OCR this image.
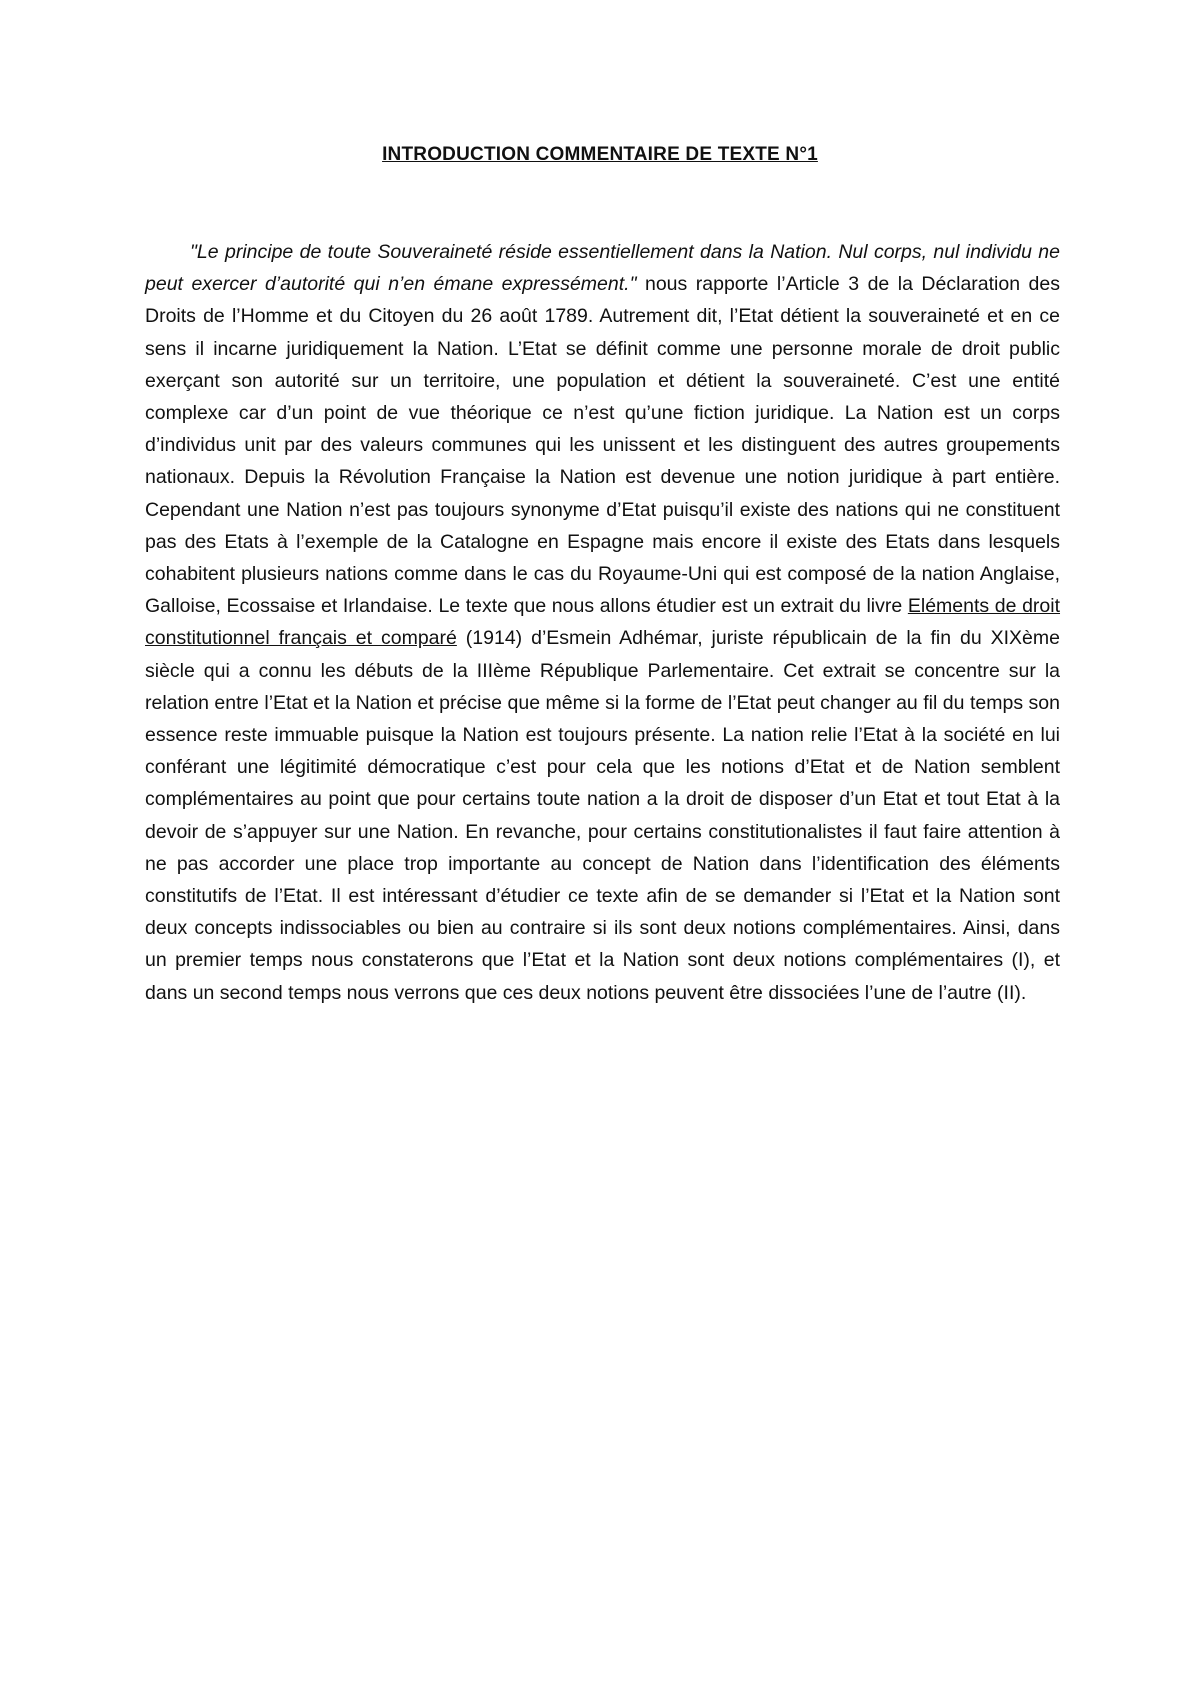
INTRODUCTION COMMENTAIRE DE TEXTE N°1

"Le principe de toute Souveraineté réside essentiellement dans la Nation. Nul corps, nul individu ne peut exercer d’autorité qui n’en émane expressément." nous rapporte l’Article 3 de la Déclaration des Droits de l’Homme et du Citoyen du 26 août 1789. Autrement dit, l’Etat détient la souveraineté et en ce sens il incarne juridiquement la Nation. L’Etat se définit comme une personne morale de droit public exerçant son autorité sur un territoire, une population et détient la souveraineté. C’est une entité complexe car d’un point de vue théorique ce n’est qu’une fiction juridique. La Nation est un corps d’individus unit par des valeurs communes qui les unissent et les distinguent des autres groupements nationaux. Depuis la Révolution Française la Nation est devenue une notion juridique à part entière. Cependant une Nation n’est pas toujours synonyme d’Etat puisqu’il existe des nations qui ne constituent pas des Etats à l’exemple de la Catalogne en Espagne mais encore il existe des Etats dans lesquels cohabitent plusieurs nations comme dans le cas du Royaume-Uni qui est composé de la nation Anglaise, Galloise, Ecossaise et Irlandaise. Le texte que nous allons étudier est un extrait du livre Eléments de droit constitutionnel français et comparé (1914) d’Esmein Adhémar, juriste républicain de la fin du XIXème siècle qui a connu les débuts de la IIIème République Parlementaire. Cet extrait se concentre sur la relation entre l’Etat et la Nation et précise que même si la forme de l’Etat peut changer au fil du temps son essence reste immuable puisque la Nation est toujours présente. La nation relie l’Etat à la société en lui conférant une légitimité démocratique c’est pour cela que les notions d’Etat et de Nation semblent complémentaires au point que pour certains toute nation a la droit de disposer d’un Etat et tout Etat à la devoir de s’appuyer sur une Nation. En revanche, pour certains constitutionalistes il faut faire attention à ne pas accorder une place trop importante au concept de Nation dans l’identification des éléments constitutifs de l’Etat. Il est intéressant d’étudier ce texte afin de se demander si l’Etat et la Nation sont deux concepts indissociables ou bien au contraire si ils sont deux notions complémentaires. Ainsi, dans un premier temps nous constaterons que l’Etat et la Nation sont deux notions complémentaires (I), et dans un second temps nous verrons que ces deux notions peuvent être dissociées l’une de l’autre (II).
